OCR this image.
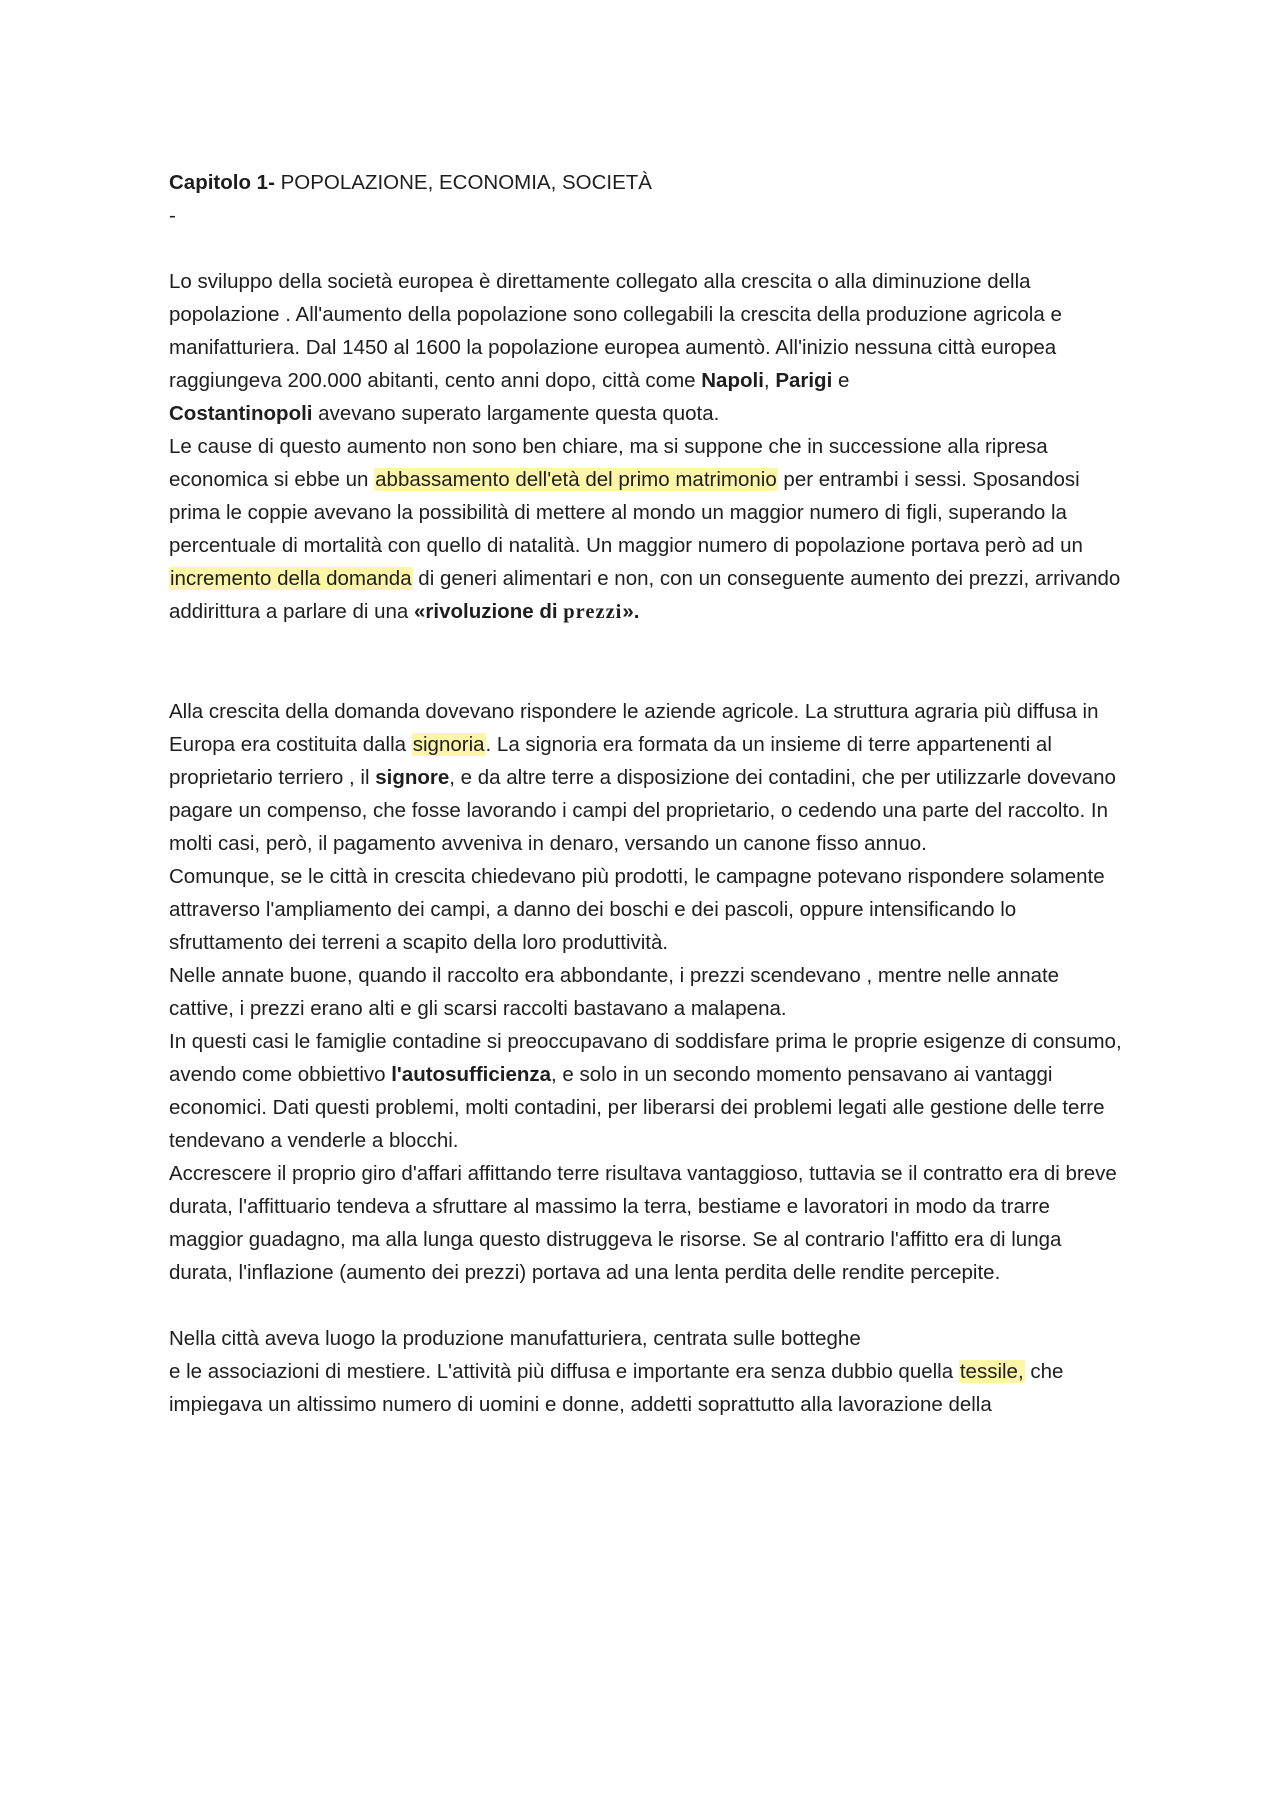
Capitolo 1- POPOLAZIONE, ECONOMIA, SOCIETÀ

-

Lo sviluppo della società europea è direttamente collegato alla crescita o alla diminuzione della popolazione . All'aumento della popolazione sono collegabili la crescita della produzione agricola e manifatturiera. Dal 1450 al 1600 la popolazione europea aumentò. All'inizio nessuna città europea raggiungeva 200.000 abitanti, cento anni dopo, città come Napoli, Parigi e
Costantinopoli avevano superato largamente questa quota.

Le cause di questo aumento non sono ben chiare, ma si suppone che in successione alla ripresa economica si ebbe un abbassamento dell'età del primo matrimonio per entrambi i sessi. Sposandosi prima le coppie avevano la possibilità di mettere al mondo un maggior numero di figli, superando la percentuale di mortalità con quello di natalità. Un maggior numero di popolazione portava però ad un incremento della domanda di generi alimentari e non, con un conseguente aumento dei prezzi, arrivando addirittura a parlare di una «rivoluzione di prezzi».

Alla crescita della domanda dovevano rispondere le aziende agricole. La struttura agraria più diffusa in Europa era costituita dalla signoria. La signoria era formata da un insieme di terre appartenenti al proprietario terriero , il signore, e da altre terre a disposizione dei contadini, che per utilizzarle dovevano pagare un compenso, che fosse lavorando i campi del proprietario, o cedendo una parte del raccolto. In molti casi, però, il pagamento avveniva in denaro, versando un canone fisso annuo.

Comunque, se le città in crescita chiedevano più prodotti, le campagne potevano rispondere solamente attraverso l'ampliamento dei campi, a danno dei boschi e dei pascoli, oppure intensificando lo sfruttamento dei terreni a scapito della loro produttività.

Nelle annate buone, quando il raccolto era abbondante, i prezzi scendevano , mentre nelle annate cattive, i prezzi erano alti e gli scarsi raccolti bastavano a malapena.

In questi casi le famiglie contadine si preoccupavano di soddisfare prima le proprie esigenze di consumo, avendo come obbiettivo l'autosufficienza, e solo in un secondo momento pensavano ai vantaggi economici. Dati questi problemi, molti contadini, per liberarsi dei problemi legati alle gestione delle terre tendevano a venderle a blocchi.

Accrescere il proprio giro d'affari affittando terre risultava vantaggioso, tuttavia se il contratto era di breve durata, l'affittuario tendeva a sfruttare al massimo la terra, bestiame e lavoratori in modo da trarre maggior guadagno, ma alla lunga questo distruggeva le risorse. Se al contrario l'affitto era di lunga durata, l'inflazione (aumento dei prezzi) portava ad una lenta perdita delle rendite percepite.

Nella città aveva luogo la produzione manufatturiera, centrata sulle botteghe

e le associazioni di mestiere. L'attività più diffusa e importante era senza dubbio quella tessile, che impiegava un altissimo numero di uomini e donne, addetti soprattutto alla lavorazione della
